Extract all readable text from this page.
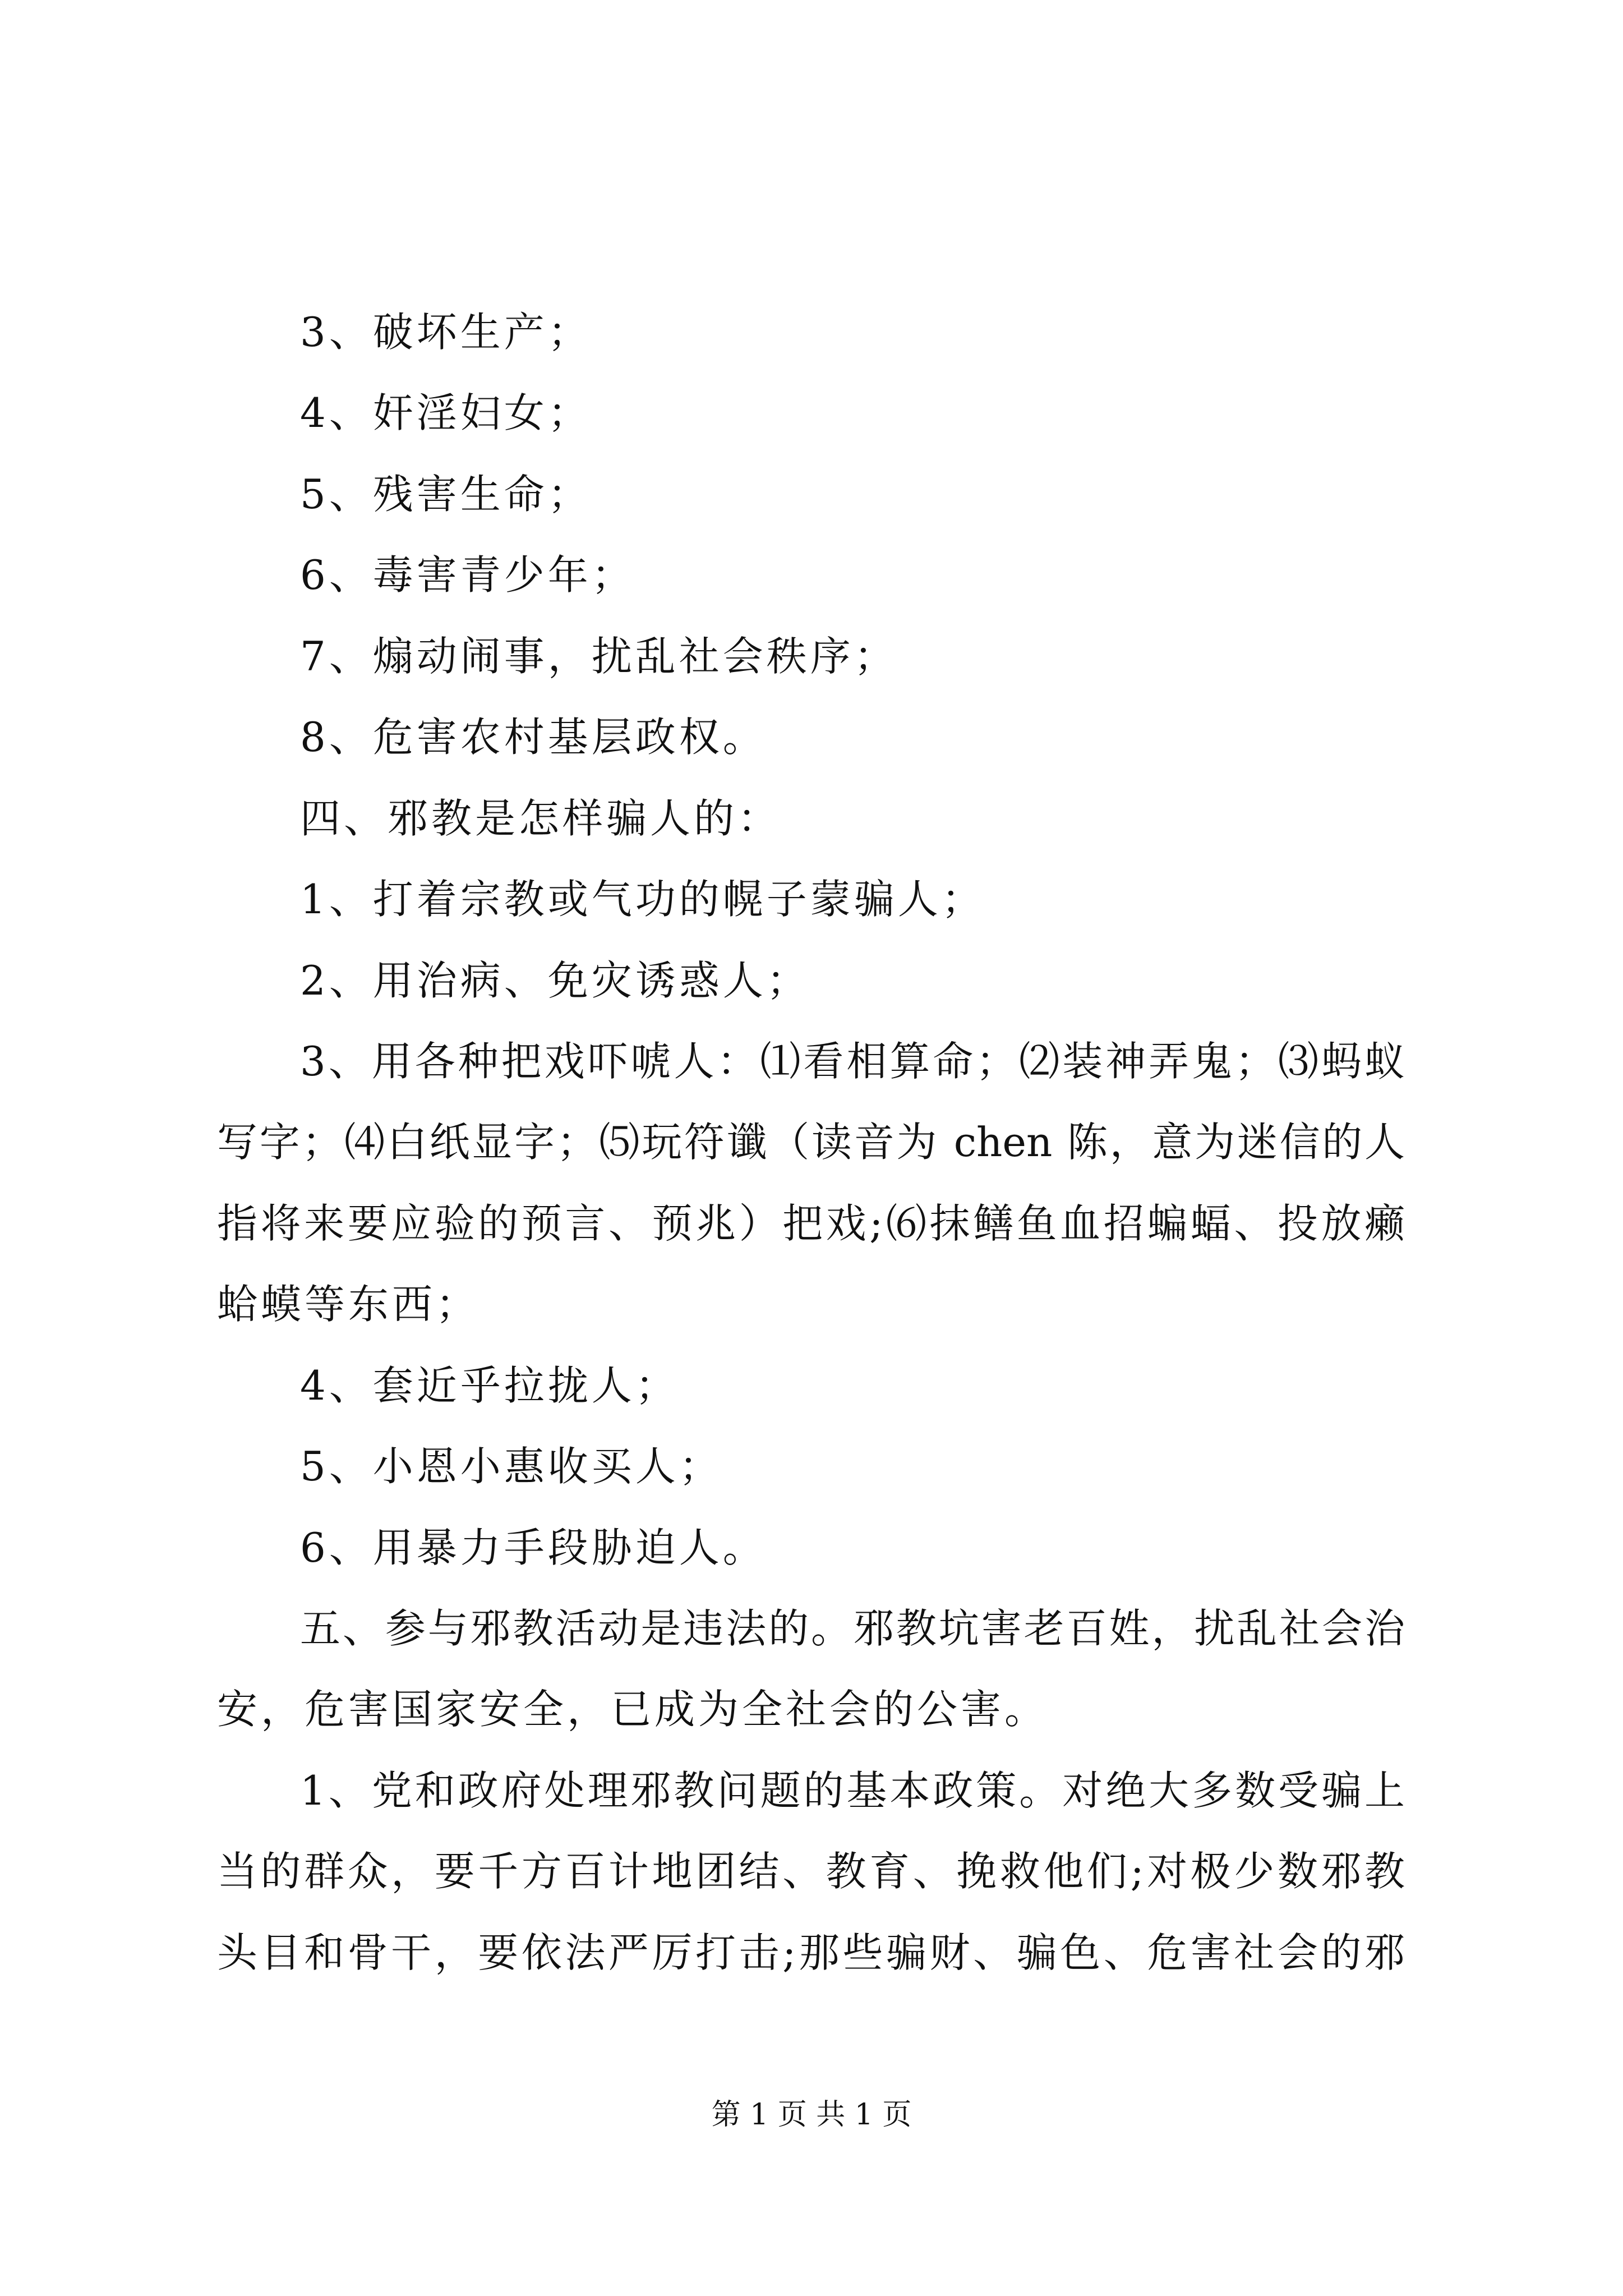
3、破坏生产；
4、奸淫妇女；
5、残害生命；
6、毒害青少年；
7、煽动闹事，扰乱社会秩序；
8、危害农村基层政权。
四、邪教是怎样骗人的：
1、打着宗教或气功的幌子蒙骗人；
2、用治病、免灾诱惑人；
3、用各种把戏吓唬人：⑴看相算命；⑵装神弄鬼；⑶蚂蚁
写字；⑷白纸显字；⑸玩符谶（读音为 chen 陈，意为迷信的人
指将来要应验的预言、预兆）把戏;⑹抹鳝鱼血招蝙蝠、投放癞
蛤蟆等东西；
4、套近乎拉拢人；
5、小恩小惠收买人；
6、用暴力手段胁迫人。
五、参与邪教活动是违法的。邪教坑害老百姓，扰乱社会治
安，危害国家安全，已成为全社会的公害。
1、党和政府处理邪教问题的基本政策。对绝大多数受骗上
当的群众，要千方百计地团结、教育、挽救他们;对极少数邪教
头目和骨干，要依法严厉打击;那些骗财、骗色、危害社会的邪
第 1 页 共 1 页
